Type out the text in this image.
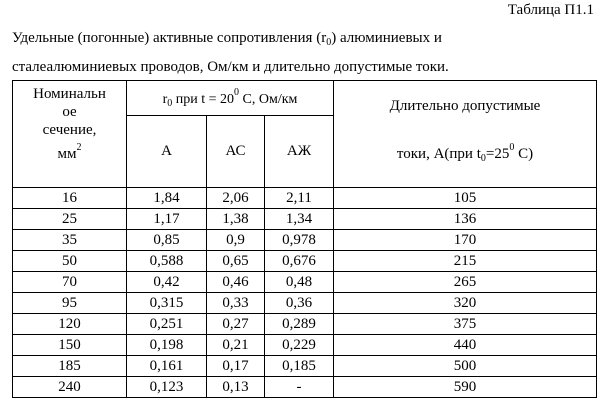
Таблица П1.1
Удельные (погонные) активные сопротивления $(r_0)$ алюминиевых и
сталеалюминиевых проводов, Ом/км и длительно допустимые токи.
Номинальн
ое
сечение,
$мм^2$	$r_0$ при $t = 20^0$ С, Ом/км			Длительно допустимые
токи, А(при $t_0=25^0$ С)

	А	АС	АЖ	
16	1,84	2,06	2,11	105
25	1,17	1,38	1,34	136
35	0,85	0,9	0,978	170
50	0,588	0,65	0,676	215
70	0,42	0,46	0,48	265
95	0,315	0,33	0,36	320
120	0,251	0,27	0,289	375
150	0,198	0,21	0,229	440
185	0,161	0,17	0,185	500
240	0,123	0,13	-	590
